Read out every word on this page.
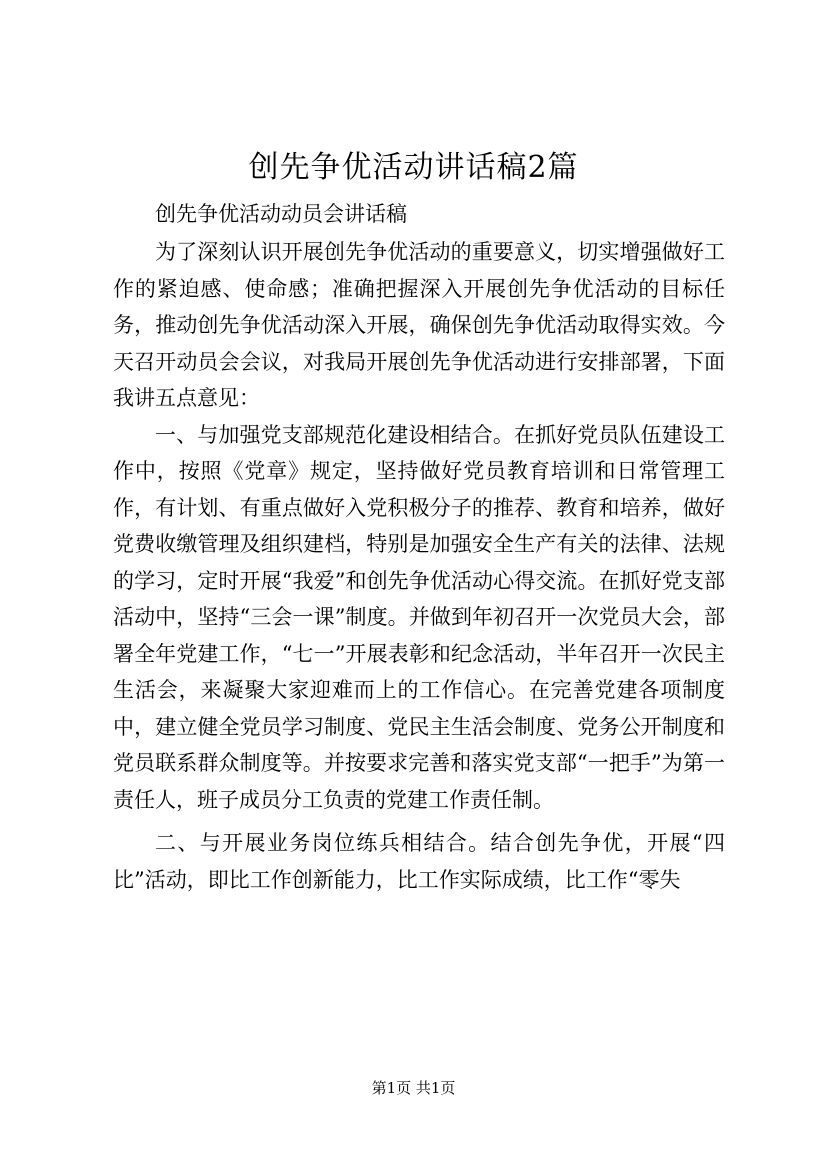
创先争优活动讲话稿2篇

创先争优活动动员会讲话稿

为了深刻认识开展创先争优活动的重要意义，切实增强做好工作的紧迫感、使命感；准确把握深入开展创先争优活动的目标任务，推动创先争优活动深入开展，确保创先争优活动取得实效。今天召开动员会会议，对我局开展创先争优活动进行安排部署，下面我讲五点意见：

一、与加强党支部规范化建设相结合。在抓好党员队伍建设工作中，按照《党章》规定，坚持做好党员教育培训和日常管理工作，有计划、有重点做好入党积极分子的推荐、教育和培养，做好党费收缴管理及组织建档，特别是加强安全生产有关的法律、法规的学习，定时开展“我爱”和创先争优活动心得交流。在抓好党支部活动中，坚持“三会一课”制度。并做到年初召开一次党员大会，部署全年党建工作，“七一”开展表彰和纪念活动，半年召开一次民主生活会，来凝聚大家迎难而上的工作信心。在完善党建各项制度中，建立健全党员学习制度、党民主生活会制度、党务公开制度和党员联系群众制度等。并按要求完善和落实党支部“一把手”为第一责任人，班子成员分工负责的党建工作责任制。

二、与开展业务岗位练兵相结合。结合创先争优，开展“四比”活动，即比工作创新能力，比工作实际成绩，比工作“零失

第1页 共1页
